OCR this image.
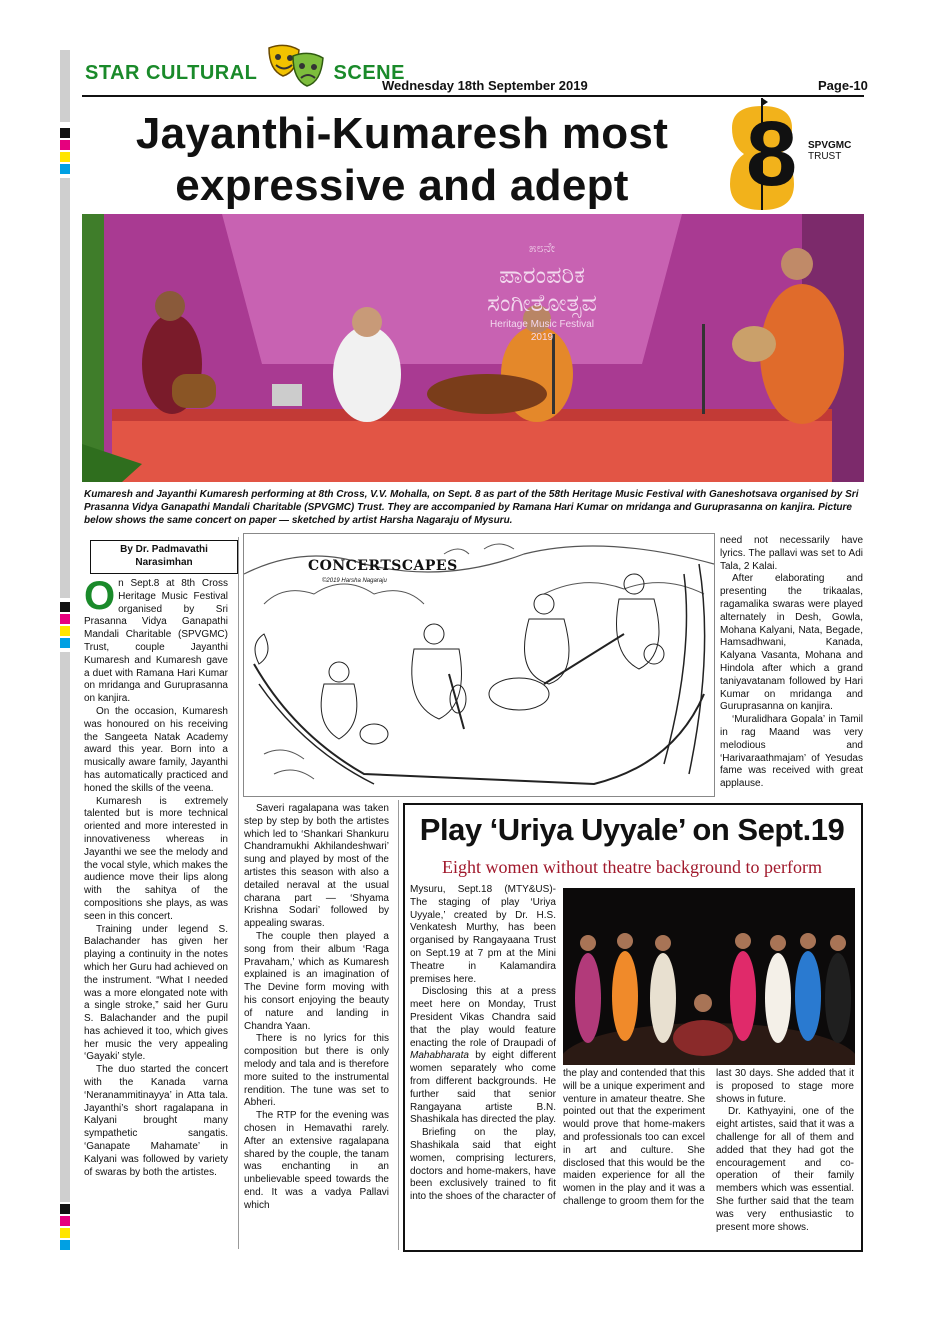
STAR CULTURAL	SCENE
Wednesday 18th September 2019	Page-10
Jayanthi-Kumaresh most
expressive and adept	8 SPVGMC
TRUST
೫೮ನೇ
ಪಾರಂಪರಿಕ
ಸಂಗೀತೋತ್ಸವ
Heritage Music Festival
2019
Kumaresh and Jayanthi Kumaresh performing at 8th Cross, V.V. Mohalla, on Sept. 8 as part of the 58th Heritage Music Festival with Ganeshotsava organised by Sri Prasanna Vidya Ganapathi Mandali Charitable (SPVGMC) Trust. They are accompanied by Ramana Hari Kumar on mridanga and Guruprasanna on kanjira. Picture below shows the same concert on paper — sketched by artist Harsha Nagaraju of Mysuru.
By Dr. Padmavathi
Narasimhan

On Sept.8 at 8th Cross Heritage Music Festival organised by Sri Prasanna Vidya Ganapathi Mandali Charitable (SPVGMC) Trust, couple Jayanthi Kumaresh and Kumaresh gave a duet with Ramana Hari Kumar on mridanga and Guruprasanna on kanjira.

On the occasion, Kumaresh was honoured on his receiving the Sangeeta Natak Academy award this year. Born into a musically aware family, Jayanthi has automatically practiced and honed the skills of the veena.

Kumaresh is extremely talented but is more technical oriented and more interested in innovativeness whereas in Jayanthi we see the melody and the vocal style, which makes the audience move their lips along with the sahitya of the compositions she plays, as was seen in this concert.

Training under legend S. Balachander has given her playing a continuity in the notes which her Guru had achieved on the instrument. “What I needed was a more elongated note with a single stroke,” said her Guru S. Balachander and the pupil has achieved it too, which gives her music the very appealing ‘Gayaki’ style.

The duo started the concert with the Kanada varna ‘Neranammitinayya’ in Atta tala. Jayanthi’s short ragalapana in Kalyani brought many sympathetic sangatis. ‘Ganapate Mahamate’ in Kalyani was followed by variety of swaras by both the artistes.

CONCERTSCAPES
©2019 Harsha Nagaraju

Saveri ragalapana was taken step by step by both the artistes which led to ‘Shankari Shankuru Chandramukhi Akhilandeshwari’ sung and played by most of the artistes this season with also a detailed neraval at the usual charana part — ‘Shyama Krishna Sodari’ followed by appealing swaras.

The couple then played a song from their album ‘Raga Pravaham,’ which as Kumaresh explained is an imagination of The Devine form moving with his consort enjoying the beauty of nature and landing in Chandra Yaan.

There is no lyrics for this composition but there is only melody and tala and is therefore more suited to the instrumental rendition. The tune was set to Abheri.

The RTP for the evening was chosen in Hemavathi rarely. After an extensive ragalapana shared by the couple, the tanam was enchanting in an unbelievable speed towards the end. It was a vadya Pallavi which

need not necessarily have lyrics. The pallavi was set to Adi Tala, 2 Kalai.

After elaborating and presenting the trikaalas, ragamalika swaras were played alternately in Desh, Gowla, Mohana Kalyani, Nata, Begade, Hamsadhwani, Kanada, Kalyana Vasanta, Mohana and Hindola after which a grand taniyavatanam followed by Hari Kumar on mridanga and Guruprasanna on kanjira.

‘Muralidhara Gopala’ in Tamil in rag Maand was very melodious and ‘Harivaraathmajam’ of Yesudas fame was received with great applause.

Play ‘Uriya Uyyale’ on Sept.19
Eight women without theatre background to perform

Mysuru, Sept.18 (MTY&US)- The staging of play ‘Uriya Uyyale,’ created by Dr. H.S. Venkatesh Murthy, has been organised by Rangayaana Trust on Sept.19 at 7 pm at the Mini Theatre in Kalamandira premises here.

Disclosing this at a press meet here on Monday, Trust President Vikas Chandra said that the play would feature enacting the role of Draupadi of Mahabharata by eight different women separately who come from different backgrounds. He further said that senior Rangayana artiste B.N. Shashikala has directed the play.

Briefing on the play, Shashikala said that eight women, comprising lecturers, doctors and home-makers, have been exclusively trained to fit into the shoes of the character of

the play and contended that this will be a unique experiment and venture in amateur theatre. She pointed out that the experiment would prove that home-makers and professionals too can excel in art and culture. She disclosed that this would be the maiden experience for all the women in the play and it was a challenge to groom them for the

last 30 days. She added that it is proposed to stage more shows in future.

Dr. Kathyayini, one of the eight artistes, said that it was a challenge for all of them and added that they had got the encouragement and co-operation of their family members which was essential. She further said that the team was very enthusiastic to present more shows.
